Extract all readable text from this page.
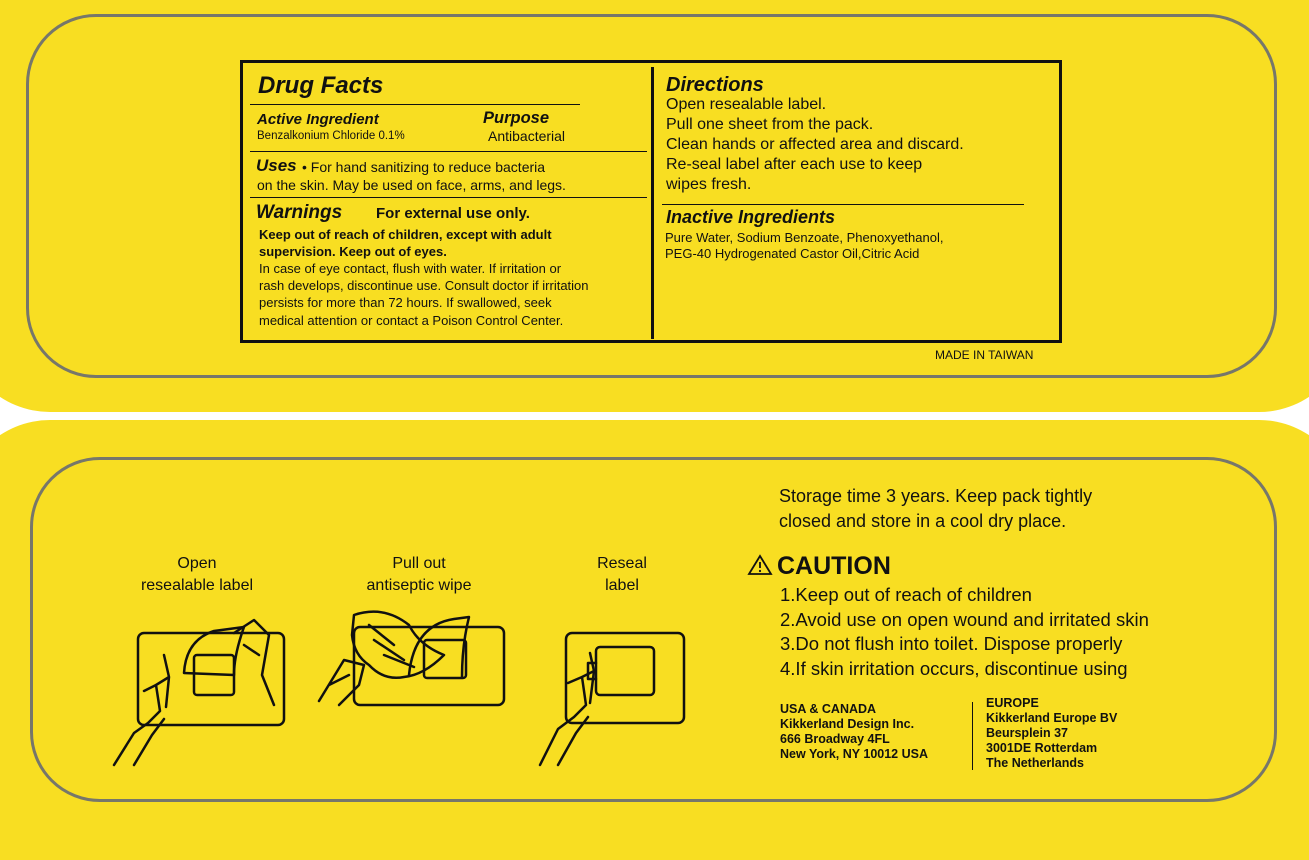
Drug Facts
Active Ingredient	Purpose
Benzalkonium Chloride 0.1%	Antibacterial
Uses • For hand sanitizing to reduce bacteria
on the skin. May be used on face, arms, and legs.
Warnings For external use only.
Keep out of reach of children, except with adult
supervision. Keep out of eyes.
In case of eye contact, flush with water. If irritation or
rash develops, discontinue use. Consult doctor if irritation
persists for more than 72 hours. If swallowed, seek
medical attention or contact a Poison Control Center.
Directions
Open resealable label.
Pull one sheet from the pack.
Clean hands or affected area and discard.
Re-seal label after each use to keep
wipes fresh.
Inactive Ingredients
Pure Water, Sodium Benzoate, Phenoxyethanol,
PEG-40 Hydrogenated Castor Oil,Citric Acid
MADE IN TAIWAN
Open
resealable label
Pull out
antiseptic wipe
Reseal
label
Storage time 3 years. Keep pack tightly
closed and store in a cool dry place.
CAUTION
1.Keep out of reach of children
2.Avoid use on open wound and irritated skin
3.Do not flush into toilet. Dispose properly
4.If skin irritation occurs, discontinue using
USA & CANADA
Kikkerland Design Inc.
666 Broadway 4FL
New York, NY 10012 USA
EUROPE
Kikkerland Europe BV
Beursplein 37
3001DE Rotterdam
The Netherlands
